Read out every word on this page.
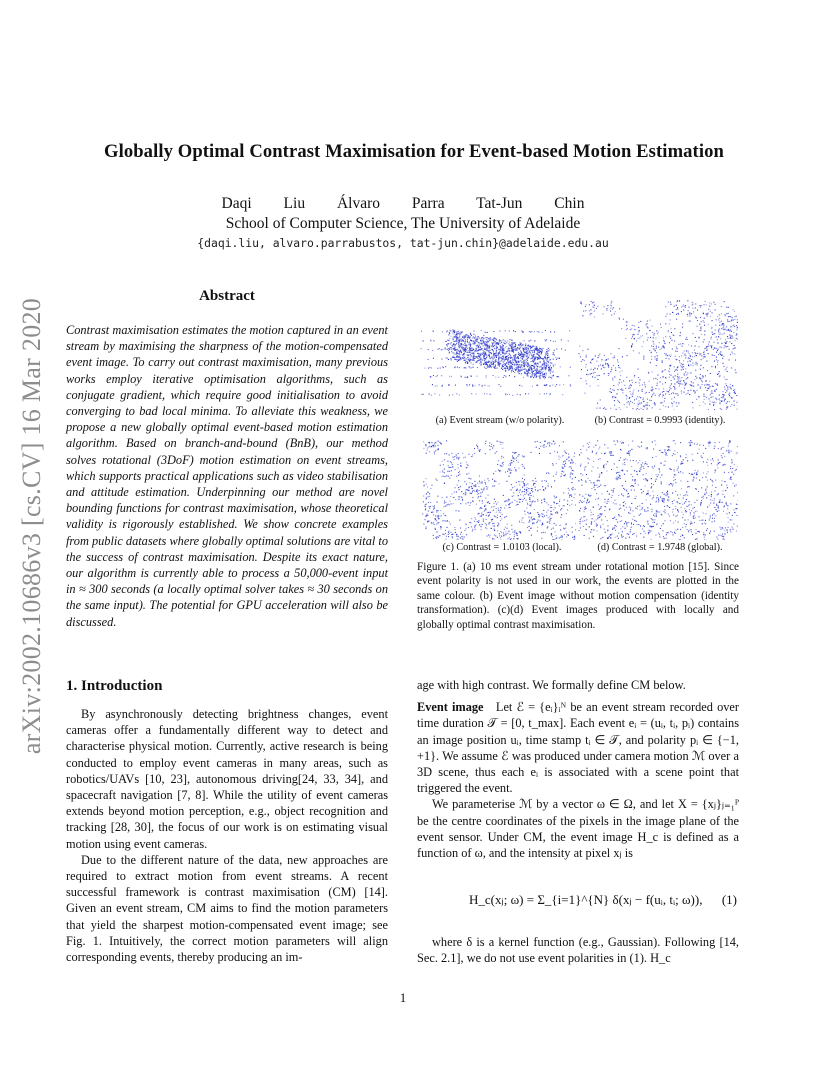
Globally Optimal Contrast Maximisation for Event-based Motion Estimation
Daqi Liu Álvaro Parra Tat-Jun Chin
School of Computer Science, The University of Adelaide
{daqi.liu, alvaro.parrabustos, tat-jun.chin}@adelaide.edu.au
arXiv:2002.10686v3 [cs.CV] 16 Mar 2020
Abstract
Contrast maximisation estimates the motion captured in an event stream by maximising the sharpness of the motion-compensated event image. To carry out contrast maximisation, many previous works employ iterative optimisation algorithms, such as conjugate gradient, which require good initialisation to avoid converging to bad local minima. To alleviate this weakness, we propose a new globally optimal event-based motion estimation algorithm. Based on branch-and-bound (BnB), our method solves rotational (3DoF) motion estimation on event streams, which supports practical applications such as video stabilisation and attitude estimation. Underpinning our method are novel bounding functions for contrast maximisation, whose theoretical validity is rigorously established. We show concrete examples from public datasets where globally optimal solutions are vital to the success of contrast maximisation. Despite its exact nature, our algorithm is currently able to process a 50,000-event input in ≈ 300 seconds (a locally optimal solver takes ≈ 30 seconds on the same input). The potential for GPU acceleration will also be discussed.
(a) Event stream (w/o polarity).	(b) Contrast = 0.9993 (identity).
(c) Contrast = 1.0103 (local).	(d) Contrast = 1.9748 (global).
Figure 1. (a) 10 ms event stream under rotational motion [15]. Since event polarity is not used in our work, the events are plotted in the same colour. (b) Event image without motion compensation (identity transformation). (c)(d) Event images produced with locally and globally optimal contrast maximisation.
1. Introduction

By asynchronously detecting brightness changes, event cameras offer a fundamentally different way to detect and characterise physical motion. Currently, active research is being conducted to employ event cameras in many areas, such as robotics/UAVs [10, 23], autonomous driving[24, 33, 34], and spacecraft navigation [7, 8]. While the utility of event cameras extends beyond motion perception, e.g., object recognition and tracking [28, 30], the focus of our work is on estimating visual motion using event cameras.

Due to the different nature of the data, new approaches are required to extract motion from event streams. A recent successful framework is contrast maximisation (CM) [14]. Given an event stream, CM aims to find the motion parameters that yield the sharpest motion-compensated event image; see Fig. 1. Intuitively, the correct motion parameters will align corresponding events, thereby producing an im-

age with high contrast. We formally define CM below.

Event image Let ℰ = {eᵢ}ᵢᴺ be an event stream recorded over time duration 𝒯 = [0, t_max]. Each event eᵢ = (uᵢ, tᵢ, pᵢ) contains an image position uᵢ, time stamp tᵢ ∈ 𝒯, and polarity pᵢ ∈ {−1, +1}. We assume ℰ was produced under camera motion ℳ over a 3D scene, thus each eᵢ is associated with a scene point that triggered the event.

We parameterise ℳ by a vector ω ∈ Ω, and let X = {xⱼ}ⱼ₌₁ᴾ be the centre coordinates of the pixels in the image plane of the event sensor. Under CM, the event image H_c is defined as a function of ω, and the intensity at pixel xⱼ is

H_c(xⱼ; ω) = Σ_{i=1}^{N} δ(xⱼ − f(uᵢ, tᵢ; ω)), (1)

where δ is a kernel function (e.g., Gaussian). Following [14, Sec. 2.1], we do not use event polarities in (1). H_c

1
